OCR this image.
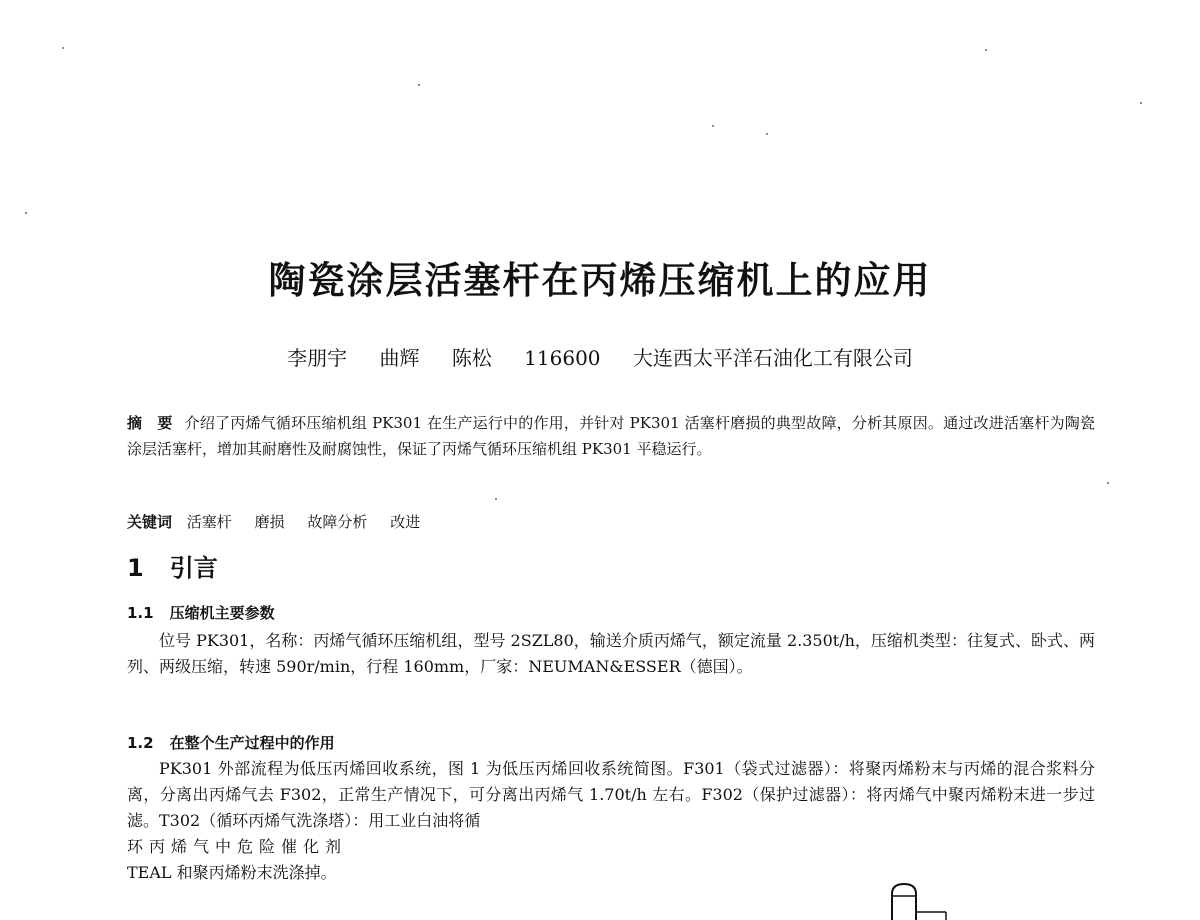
陶瓷涂层活塞杆在丙烯压缩机上的应用
李朋宇 曲辉 陈松 116600 大连西太平洋石油化工有限公司
摘　要 介绍了丙烯气循环压缩机组 PK301 在生产运行中的作用，并针对 PK301 活塞杆磨损的典型故障，分析其原因。通过改进活塞杆为陶瓷涂层活塞杆，增加其耐磨性及耐腐蚀性，保证了丙烯气循环压缩机组 PK301 平稳运行。
关键词 活塞杆 磨损 故障分析 改进
1 引言
1.1 压缩机主要参数

位号 PK301，名称：丙烯气循环压缩机组，型号 2SZL80，输送介质丙烯气，额定流量 2.350t/h，压缩机类型：往复式、卧式、两列、两级压缩，转速 590r/min，行程 160mm，厂家：NEUMAN&ESSER（德国）。

1.2 在整个生产过程中的作用

PK301 外部流程为低压丙烯回收系统，图 1 为低压丙烯回收系统简图。F301（袋式过滤器）：将聚丙烯粉末与丙烯的混合浆料分离，分离出丙烯气去 F302，正常生产情况下，可分离出丙烯气 1.70t/h 左右。F302（保护过滤器）：将丙烯气中聚丙烯粉末进一步过滤。T302（循环丙烯气洗涤塔）：用工业白油将循

环丙烯气中危险催化剂

TEAL 和聚丙烯粉末洗涤掉。
